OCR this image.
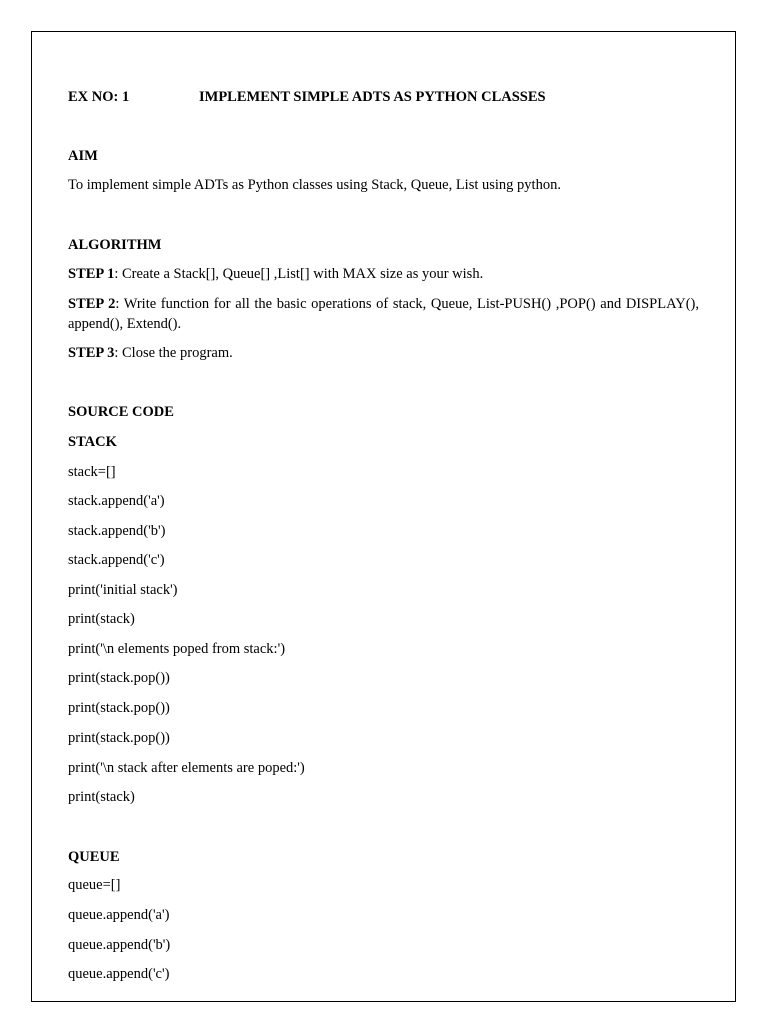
EX NO: 1	IMPLEMENT SIMPLE ADTS AS PYTHON CLASSES
AIM
To implement simple ADTs as Python classes using Stack, Queue, List using python.
ALGORITHM
STEP 1: Create a Stack[], Queue[] ,List[] with MAX size as your wish.
STEP 2: Write function for all the basic operations of stack, Queue, List-PUSH() ,POP() and DISPLAY(), append(), Extend().
STEP 3: Close the program.
SOURCE CODE
STACK
stack=[]
stack.append('a')
stack.append('b')
stack.append('c')
print('initial stack')
print(stack)
print('\n elements poped from stack:')
print(stack.pop())
print(stack.pop())
print(stack.pop())
print('\n stack after elements are poped:')
print(stack)
QUEUE
queue=[]
queue.append('a')
queue.append('b')
queue.append('c')
